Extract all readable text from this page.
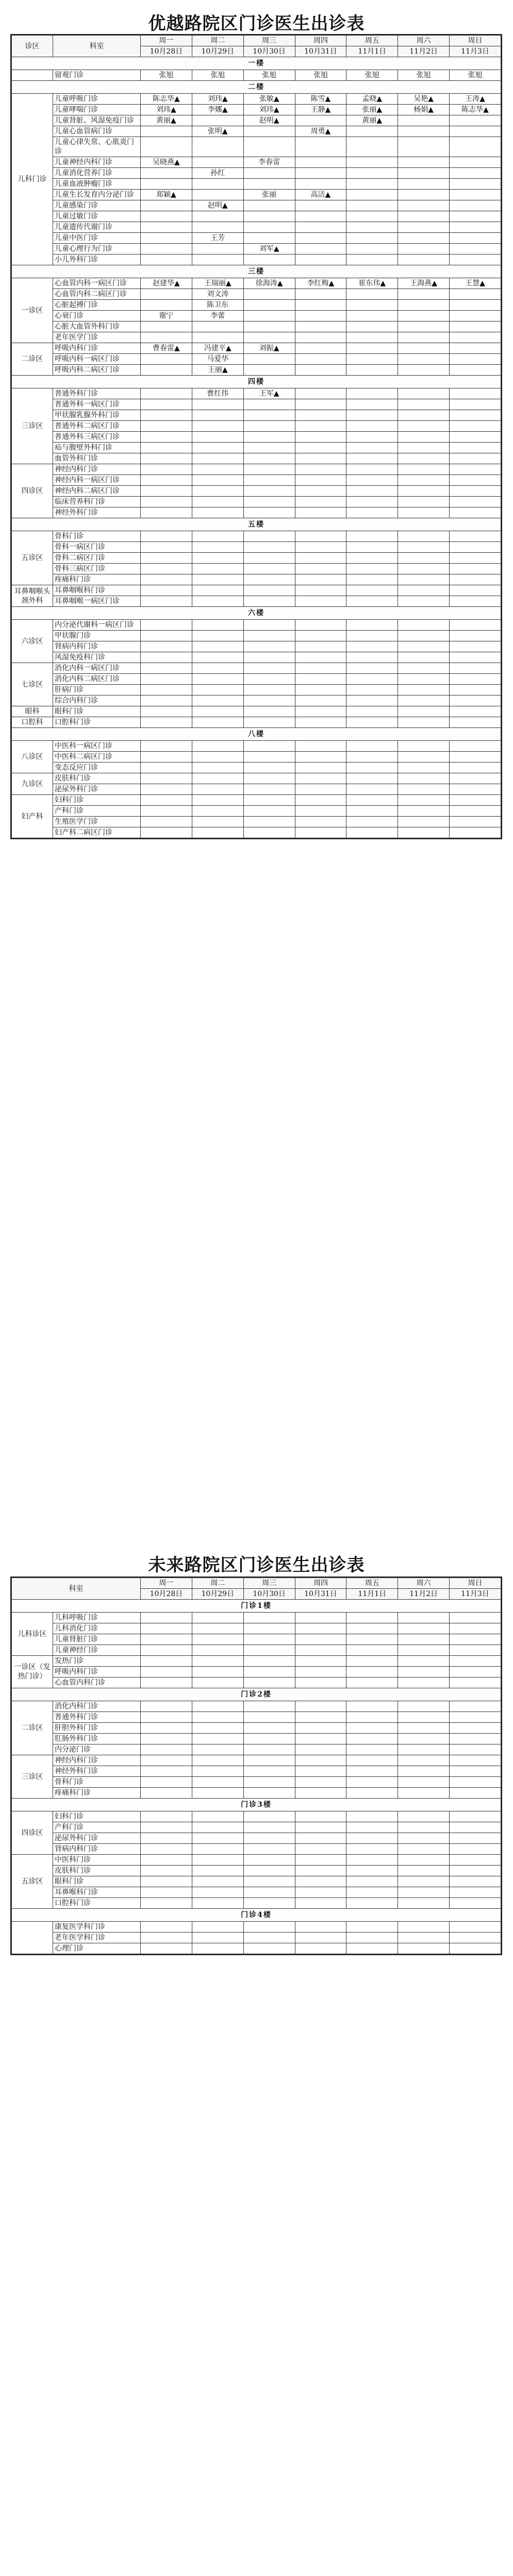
优越路院区门诊医生出诊表
诊区	科室	周一	周二	周三	周四	周五	周六	周日
		10月28日	10月29日	10月30日	10月31日	11月1日	11月2日	11月3日
一楼								
	留观门诊	张旭	张旭	张旭	张旭	张旭	张旭	张旭
二楼								
儿科门诊	儿童呼吸门诊	陈志华▲	刘玮▲	张敏▲	陈雪▲	孟晓▲	吴艳▲	王涛▲
	儿童哮喘门诊	刘玮▲	李娜▲	刘玮▲	王静▲	张丽▲	杨娟▲	陈志华▲
	儿童肾脏、风湿免疫门诊	黄丽▲		赵明▲		黄丽▲		
	儿童心血管病门诊		张明▲		周勇▲			
	儿童心律失常、心肌炎门诊							
	儿童神经内科门诊	吴晓燕▲		李春雷				
	儿童消化营养门诊		孙红					
	儿童血液肿瘤门诊							
	儿童生长发育内分泌门诊	郑颖▲		张丽	高洁▲			
	儿童感染门诊		赵明▲					
	儿童过敏门诊							
	儿童遗传代谢门诊							
	儿童中医门诊		王芳					
	儿童心理行为门诊			刘军▲				
	小儿外科门诊							
三楼								
一诊区	心血管内科一病区门诊	赵建华▲	王瑞丽▲	徐海涛▲	李红梅▲	崔东伟▲	王海燕▲	王慧▲
	心血管内科二病区门诊		刘文涛					
	心脏起搏门诊		陈卫东					
	心衰门诊	谢宁	李蕾					
	心脏大血管外科门诊							
	老年医学门诊							
二诊区	呼吸内科门诊	曹春雷▲	冯建平▲	刘振▲				
	呼吸内科一病区门诊		马爱华					
	呼吸内科二病区门诊		王丽▲					
四楼								
三诊区	普通外科门诊		曹红伟	王军▲				
	普通外科一病区门诊							
	甲状腺乳腺外科门诊							
	普通外科二病区门诊							
	普通外科三病区门诊							
	疝与腹壁外科门诊							
	血管外科门诊							
四诊区	神经内科门诊							
	神经内科一病区门诊							
	神经内科二病区门诊							
	临床营养科门诊							
	神经外科门诊							
五楼								
五诊区	骨科门诊							
	骨科一病区门诊							
	骨科二病区门诊							
	骨科三病区门诊							
	疼痛科门诊							
耳鼻咽喉头颈外科	耳鼻咽喉科门诊							
	耳鼻咽喉一病区门诊							
六楼								
六诊区	内分泌代谢科一病区门诊							
	甲状腺门诊							
	肾病内科门诊							
	风湿免疫科门诊							
七诊区	消化内科一病区门诊							
	消化内科二病区门诊							
	肝病门诊							
	综合内科门诊							
眼科	眼科门诊							
口腔科	口腔科门诊							
八楼								
八诊区	中医科一病区门诊							
	中医科二病区门诊							
	变态反应门诊							
九诊区	皮肤科门诊							
	泌尿外科门诊							
妇产科	妇科门诊							
	产科门诊							
	生殖医学门诊							
	妇产科二病区门诊							
未来路院区门诊医生出诊表
科室		周一	周二	周三	周四	周五	周六	周日
		10月28日	10月29日	10月30日	10月31日	11月1日	11月2日	11月3日
门诊1楼								
儿科诊区	儿科呼吸门诊							
	儿科消化门诊							
	儿童肾脏门诊							
	儿童神经门诊							
一诊区（发热门诊）	发热门诊							
	呼吸内科门诊							
	心血管内科门诊							
门诊2楼								
二诊区	消化内科门诊							
	普通外科门诊							
	肝胆外科门诊							
	肛肠外科门诊							
	内分泌门诊							
三诊区	神经内科门诊							
	神经外科门诊							
	骨科门诊							
	疼痛科门诊							
门诊3楼								
四诊区	妇科门诊							
	产科门诊							
	泌尿外科门诊							
	肾病内科门诊							
五诊区	中医科门诊							
	皮肤科门诊							
	眼科门诊							
	耳鼻喉科门诊							
	口腔科门诊							
门诊4楼								
	康复医学科门诊							
	老年医学科门诊							
	心理门诊							
